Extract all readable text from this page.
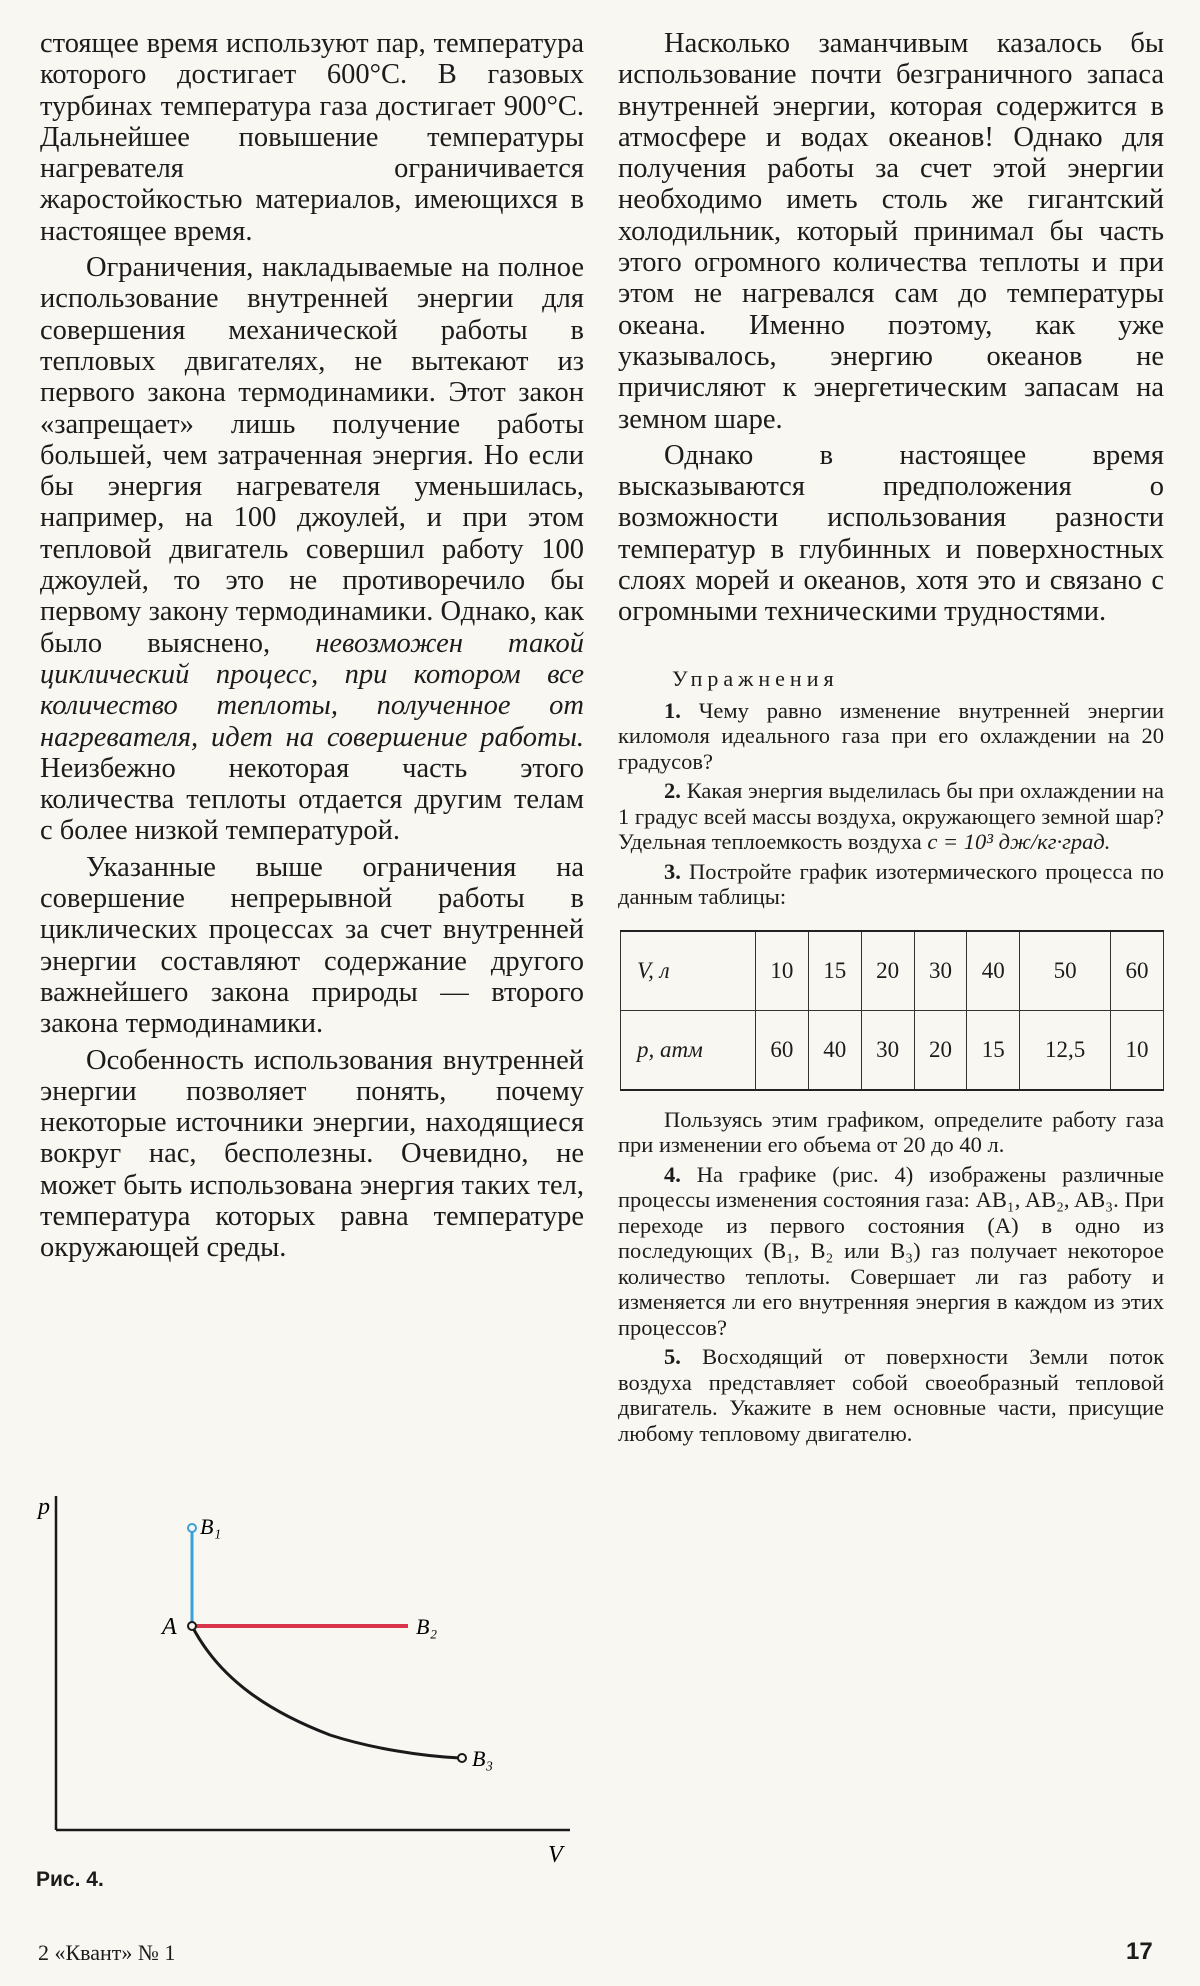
стоящее время используют пар, температура которого достигает 600°С. В газовых турбинах температура газа достигает 900°С. Дальнейшее повышение температуры нагревателя ограничивается жаростойкостью материалов, имеющихся в настоящее время.

Ограничения, накладываемые на полное использование внутренней энергии для совершения механической работы в тепловых двигателях, не вытекают из первого закона термодинамики. Этот закон «запрещает» лишь получение работы большей, чем затраченная энергия. Но если бы энергия нагревателя уменьшилась, например, на 100 джоулей, и при этом тепловой двигатель совершил работу 100 джоулей, то это не противоречило бы первому закону термодинамики. Однако, как было выяснено, невозможен такой циклический процесс, при котором все количество теплоты, полученное от нагревателя, идет на совершение работы. Неизбежно некоторая часть этого количества теплоты отдается другим телам с более низкой температурой.

Указанные выше ограничения на совершение непрерывной работы в циклических процессах за счет внутренней энергии составляют содержание другого важнейшего закона природы — второго закона термодинамики.

Особенность использования внутренней энергии позволяет понять, почему некоторые источники энергии, находящиеся вокруг нас, бесполезны. Очевидно, не может быть использована энергия таких тел, температура которых равна температуре окружающей среды.

Насколько заманчивым казалось бы использование почти безграничного запаса внутренней энергии, которая содержится в атмосфере и водах океанов! Однако для получения работы за счет этой энергии необходимо иметь столь же гигантский холодильник, который принимал бы часть этого огромного количества теплоты и при этом не нагревался сам до температуры океана. Именно поэтому, как уже указывалось, энергию океанов не причисляют к энергетическим запасам на земном шаре.

Однако в настоящее время высказываются предположения о возможности использования разности температур в глубинных и поверхностных слоях морей и океанов, хотя это и связано с огромными техническими трудностями.

Упражнения

1. Чему равно изменение внутренней энергии киломоля идеального газа при его охлаждении на 20 градусов?

2. Какая энергия выделилась бы при охлаждении на 1 градус всей массы воздуха, окружающего земной шар? Удельная теплоемкость воздуха c = 10³ дж/кг·град.

3. Постройте график изотермического процесса по данным таблицы:

V, л	10	15	20	30	40	50	60
p, атм	60	40	30	20	15	12,5	10

Пользуясь этим графиком, определите работу газа при изменении его объема от 20 до 40 л.

4. На графике (рис. 4) изображены различные процессы изменения состояния газа: AB₁, AB₂, AB₃. При переходе из первого состояния (A) в одно из последующих (B₁, B₂ или B₃) газ получает некоторое количество теплоты. Совершает ли газ работу и изменяется ли его внутренняя энергия в каждом из этих процессов?

5. Восходящий от поверхности Земли поток воздуха представляет собой своеобразный тепловой двигатель. Укажите в нем основные части, присущие любому тепловому двигателю.

p
V
B₁
A	B₂
B₃
Рис. 4.
2 «Квант» № 1	17
